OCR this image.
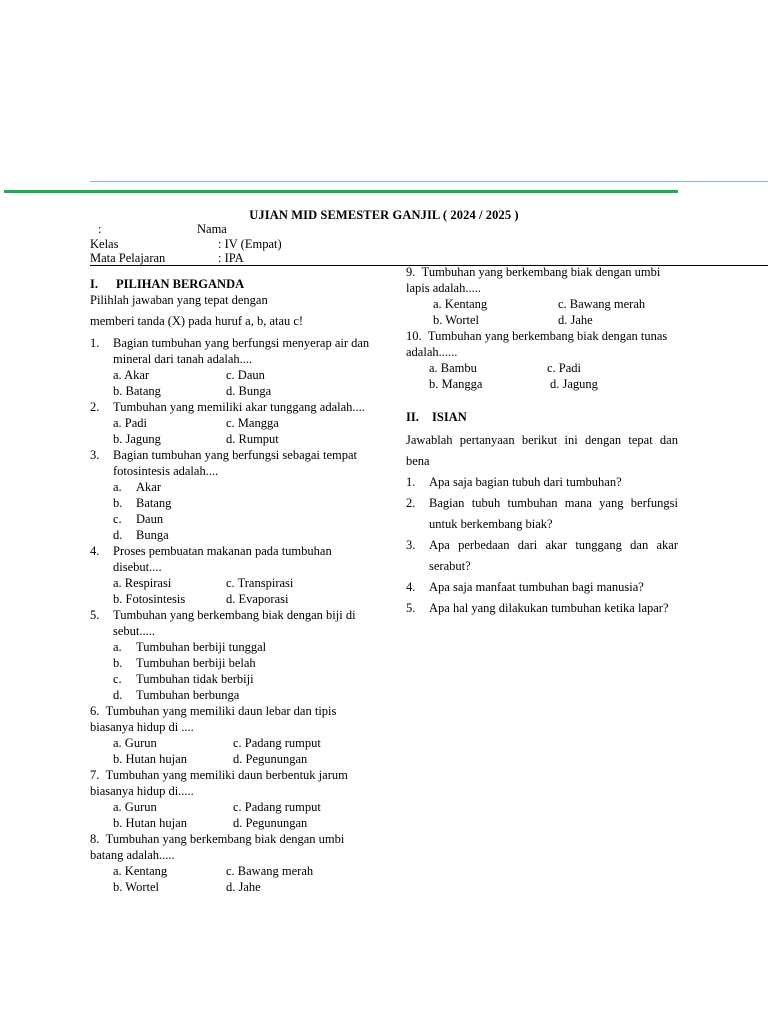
UJIAN MID SEMESTER GANJIL ( 2024 / 2025 )
:	Nama
Kelas	: IV (Empat)
Mata Pelajaran	: IPA
I. PILIHAN BERGANDA

Pilihlah jawaban yang tepat dengan

memberi tanda (X) pada huruf a, b, atau c!

1.	Bagian tumbuhan yang berfungsi menyerap air dan mineral dari tanah adalah....
a. Akar	c. Daun
b. Batang	d. Bunga
2.	Tumbuhan yang memiliki akar tunggang adalah....
a. Padi	c. Mangga
b. Jagung	d. Rumput
3.	Bagian tumbuhan yang berfungsi sebagai tempat fotosintesis adalah....
a.	Akar
b.	Batang
c.	Daun
d.	Bunga
4.	Proses pembuatan makanan pada tumbuhan disebut....
a. Respirasi	c. Transpirasi
b. Fotosintesis	d. Evaporasi
5.	Tumbuhan yang berkembang biak dengan biji di sebut.....
a.	Tumbuhan berbiji tunggal
b.	Tumbuhan berbiji belah
c.	Tumbuhan tidak berbiji
d.	Tumbuhan berbunga
6. Tumbuhan yang memiliki daun lebar dan tipis biasanya hidup di ....
a. Gurun	c. Padang rumput
b. Hutan hujan	d. Pegunungan
7. Tumbuhan yang memiliki daun berbentuk jarum biasanya hidup di.....
a. Gurun	c. Padang rumput
b. Hutan hujan	d. Pegunungan
8. Tumbuhan yang berkembang biak dengan umbi batang adalah.....
a. Kentang	c. Bawang merah
b. Wortel	d. Jahe
9. Tumbuhan yang berkembang biak dengan umbi lapis adalah.....
a. Kentang	c. Bawang merah
b. Wortel	d. Jahe
10. Tumbuhan yang berkembang biak dengan tunas adalah......
a. Bambu	c. Padi
b. Mangga	d. Jagung
II. ISIAN

Jawablah pertanyaan berikut ini dengan tepat dan bena

1.	Apa saja bagian tubuh dari tumbuhan?
2.	Bagian tubuh tumbuhan mana yang berfungsi untuk berkembang biak?
3.	Apa perbedaan dari akar tunggang dan akar serabut?
4.	Apa saja manfaat tumbuhan bagi manusia?
5.	Apa hal yang dilakukan tumbuhan ketika lapar?
